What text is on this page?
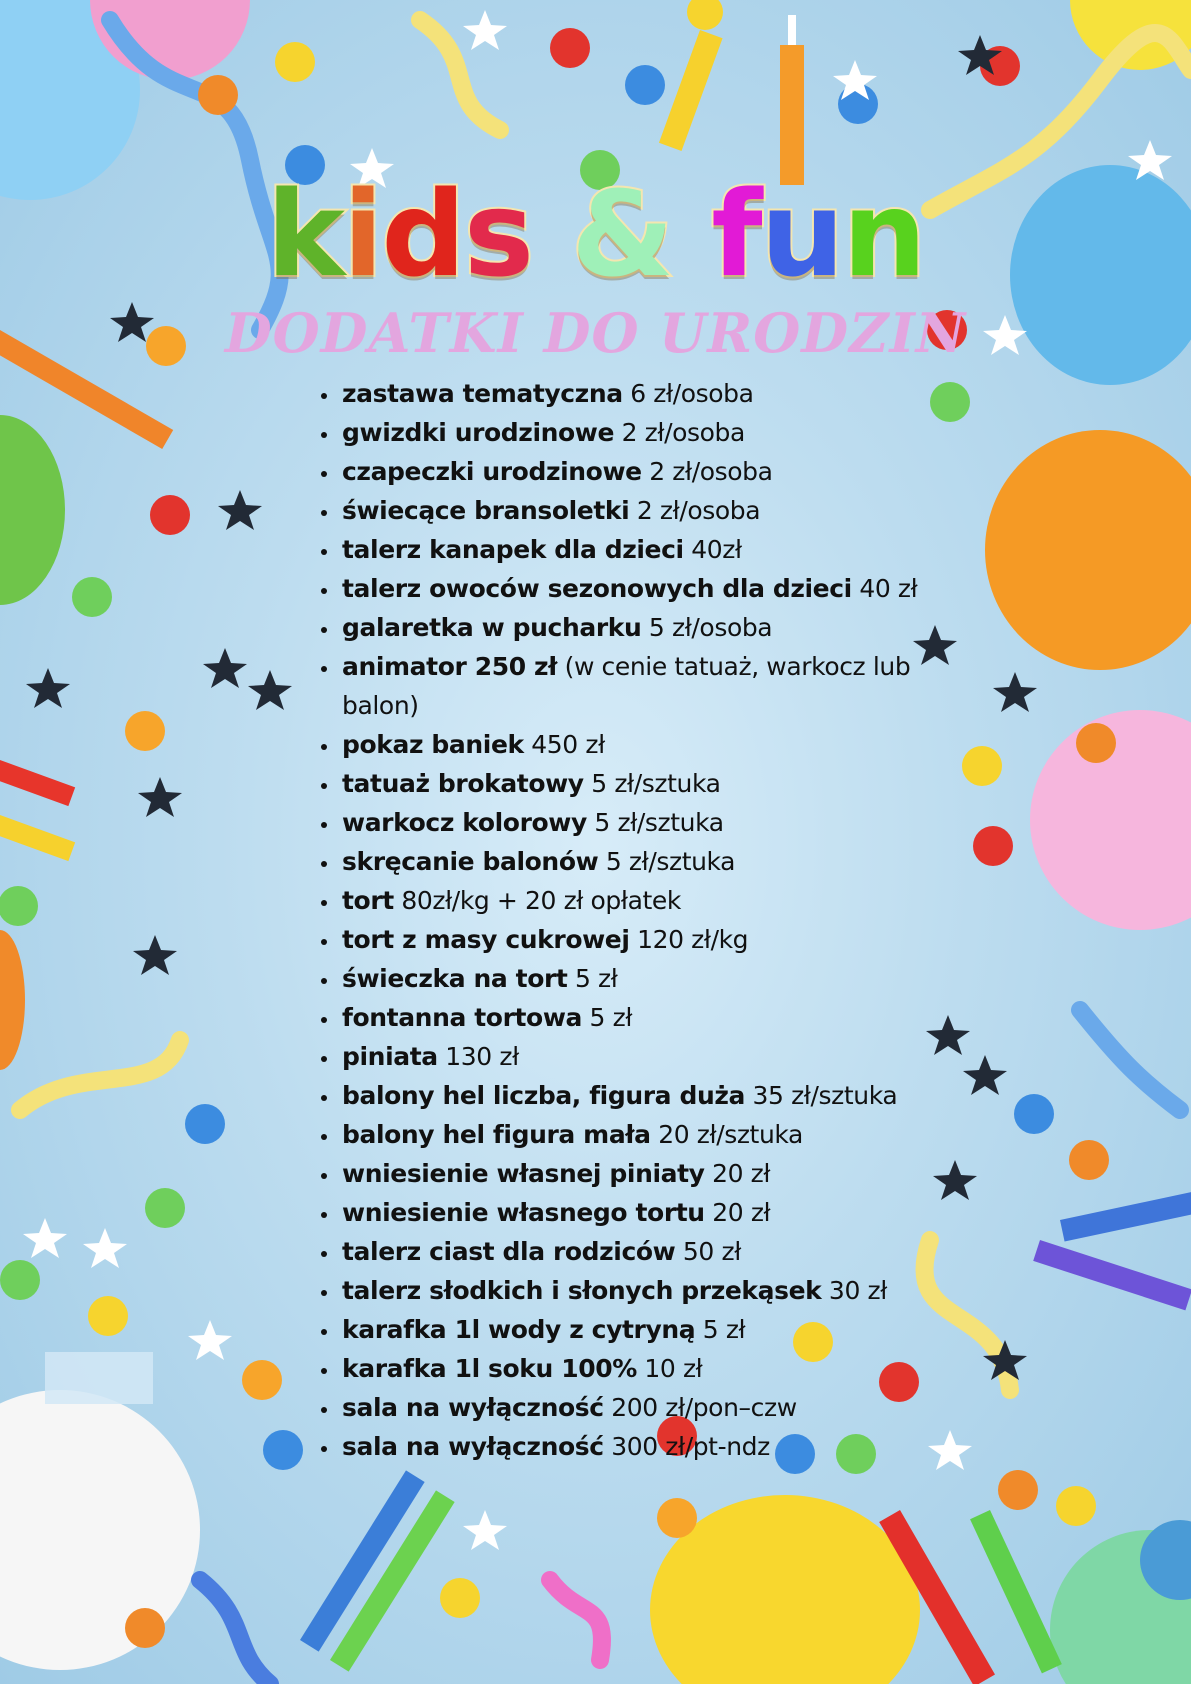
kids & fun
DODATKI DO URODZIN
• zastawa tematyczna 6 zł/osoba
• gwizdki urodzinowe 2 zł/osoba
• czapeczki urodzinowe 2 zł/osoba
• świecące bransoletki 2 zł/osoba
• talerz kanapek dla dzieci 40zł
• talerz owoców sezonowych dla dzieci 40 zł
• galaretka w pucharku 5 zł/osoba
• animator 250 zł (w cenie tatuaż, warkocz lub balon)
• pokaz baniek 450 zł
• tatuaż brokatowy 5 zł/sztuka
• warkocz kolorowy 5 zł/sztuka
• skręcanie balonów 5 zł/sztuka
• tort 80zł/kg + 20 zł opłatek
• tort z masy cukrowej 120 zł/kg
• świeczka na tort 5 zł
• fontanna tortowa 5 zł
• piniata 130 zł
• balony hel liczba, figura duża 35 zł/sztuka
• balony hel figura mała 20 zł/sztuka
• wniesienie własnej piniaty 20 zł
• wniesienie własnego tortu 20 zł
• talerz ciast dla rodziców 50 zł
• talerz słodkich i słonych przekąsek 30 zł
• karafka 1l wody z cytryną 5 zł
• karafka 1l soku 100% 10 zł
• sala na wyłączność 200 zł/pon–czw
• sala na wyłączność 300 zł/pt-ndz
